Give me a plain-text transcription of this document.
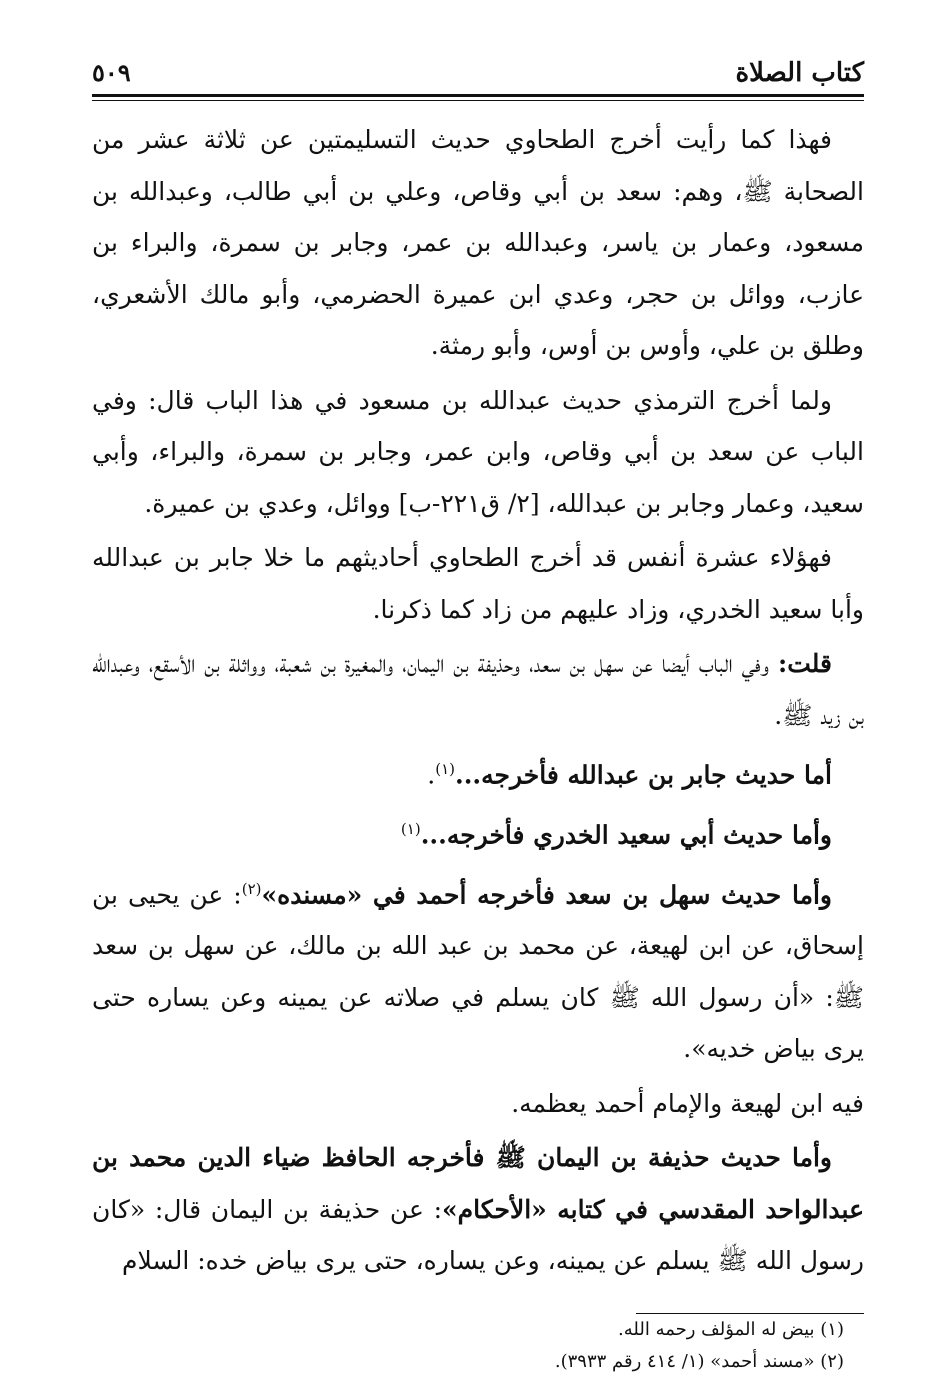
كتاب الصلاة
٥٠٩

فهذا كما رأيت أخرج الطحاوي حديث التسليمتين عن ثلاثة عشر من الصحابة ﷺ، وهم: سعد بن أبي وقاص، وعلي بن أبي طالب، وعبدالله بن مسعود، وعمار بن ياسر، وعبدالله بن عمر، وجابر بن سمرة، والبراء بن عازب، ووائل بن حجر، وعدي ابن عميرة الحضرمي، وأبو مالك الأشعري، وطلق بن علي، وأوس بن أوس، وأبو رمثة.

ولما أخرج الترمذي حديث عبدالله بن مسعود في هذا الباب قال: وفي الباب عن سعد بن أبي وقاص، وابن عمر، وجابر بن سمرة، والبراء، وأبي سعيد، وعمار وجابر بن عبدالله، [٢/ ق٢٢١-ب] ووائل، وعدي بن عميرة.

فهؤلاء عشرة أنفس قد أخرج الطحاوي أحاديثهم ما خلا جابر بن عبدالله وأبا سعيد الخدري، وزاد عليهم من زاد كما ذكرنا.

قلت: وفي الباب أيضا عن سهل بن سعد، وحذيفة بن اليمان، والمغيرة بن شعبة، وواثلة بن الأسقع، وعبدالله بن زيد ﷺ.

أما حديث جابر بن عبدالله فأخرجه...$^{(١)}$.

وأما حديث أبي سعيد الخدري فأخرجه...$^{(١)}$

وأما حديث سهل بن سعد فأخرجه أحمد في «مسنده»$^{(٢)}$: عن يحيى بن إسحاق، عن ابن لهيعة، عن محمد بن عبد الله بن مالك، عن سهل بن سعد ﷺ: «أن رسول الله ﷺ كان يسلم في صلاته عن يمينه وعن يساره حتى يرى بياض خديه».

فيه ابن لهيعة والإمام أحمد يعظمه.

وأما حديث حذيفة بن اليمان ﷺ فأخرجه الحافظ ضياء الدين محمد بن عبدالواحد المقدسي في كتابه «الأحكام»: عن حذيفة بن اليمان قال: «كان رسول الله ﷺ يسلم عن يمينه، وعن يساره، حتى يرى بياض خده: السلام

(١) بيض له المؤلف رحمه الله.

(٢) «مسند أحمد» (١/ ٤١٤ رقم ٣٩٣٣).
